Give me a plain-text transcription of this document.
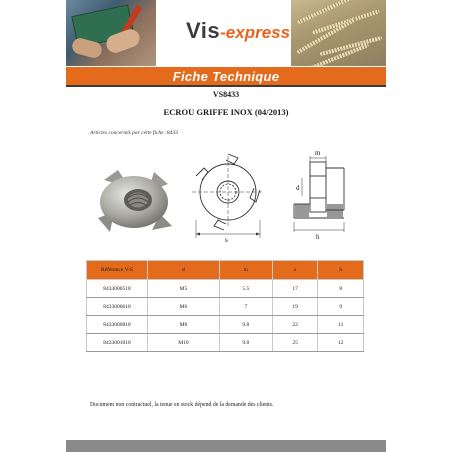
Vis-express
Fiche Technique
VS8433
ECROU GRIFFE INOX (04/2013)
Articles concernés par cette fiche :8433
s
m
d
h
Référence V-S	d	m	s	h
8433000518	M5	5.5	17	8
8433000618	M6	7	19	9
8433000818	M8	9.8	22	11
8433001018	M10	9.8	25	12
Document non contractuel, la tenue en stock dépend de la demande des clients.
